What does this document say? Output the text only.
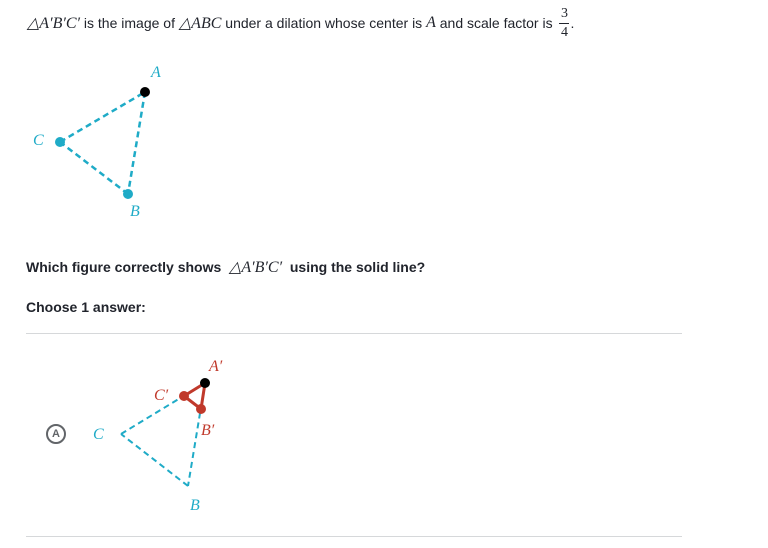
△A′B′C′ is the image of △ABC under a dilation whose center is A and scale factor is $\frac{3}{4}$ .
A
B
C
Which figure correctly shows  △A′B′C′  using the solid line?
Choose 1 answer:
A
A′
B′
C′
B
C
